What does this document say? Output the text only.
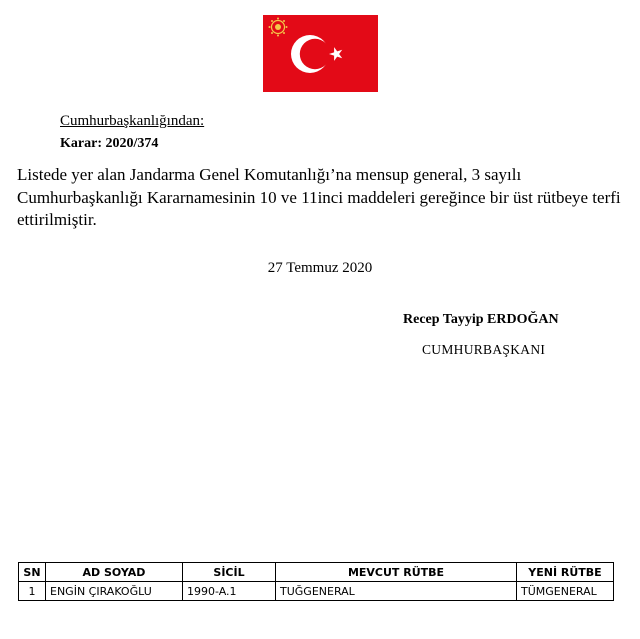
Cumhurbaşkanlığından:
Karar: 2020/374
Listede yer alan Jandarma Genel Komutanlığı’na mensup general, 3 sayılı Cumhurbaşkanlığı Kararnamesinin 10 ve 11inci maddeleri gereğince bir üst rütbeye terfi ettirilmiştir.
27 Temmuz 2020
Recep Tayyip ERDOĞAN
CUMHURBAŞKANI
SN	AD SOYAD	SİCİL	MEVCUT RÜTBE	YENİ RÜTBE
1	ENGİN ÇIRAKOĞLU	1990-A.1	TUĞGENERAL	TÜMGENERAL
